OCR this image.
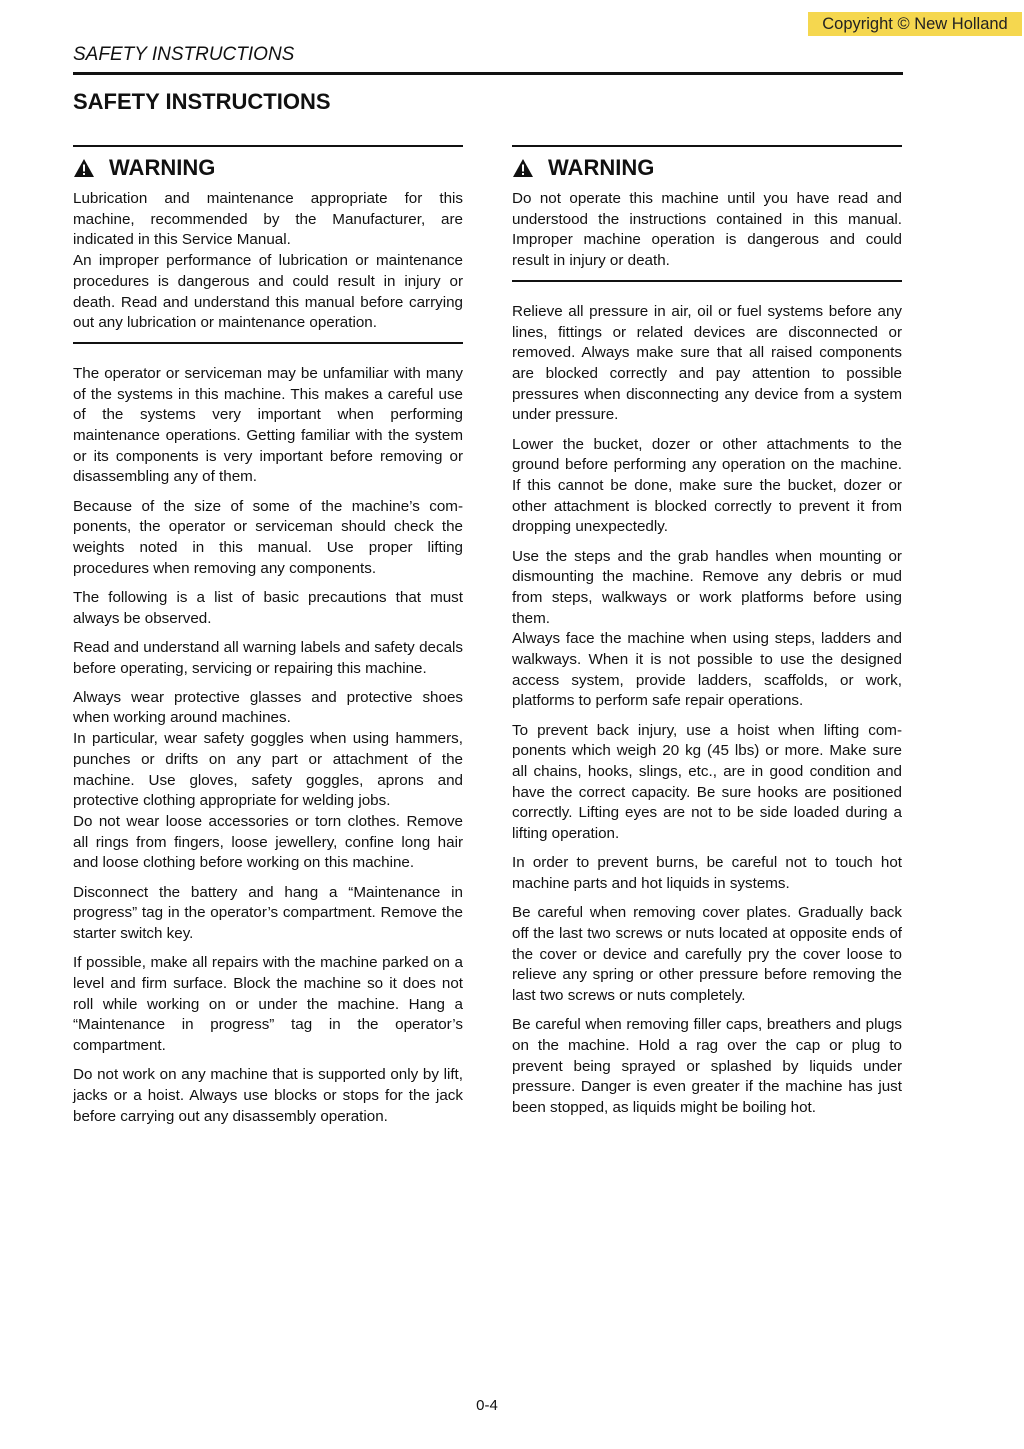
Copyright © New Holland
SAFETY INSTRUCTIONS
SAFETY INSTRUCTIONS
WARNING

Lubrication and maintenance appropriate for this machine, recommended by the Manufacturer, are indicated in this Service Manual.

An improper performance of lubrication or maintenance procedures is dangerous and could result in injury or death. Read and understand this manual before carrying out any lubrication or maintenance operation.

The operator or serviceman may be unfamiliar with many of the systems in this machine. This makes a careful use of the systems very important when performing maintenance operations. Getting familiar with the system or its components is very important before removing or disassembling any of them.

Because of the size of some of the machine’s components, the operator or serviceman should check the weights noted in this manual. Use proper lifting procedures when removing any components.

The following is a list of basic precautions that must always be observed.

Read and understand all warning labels and safety decals before operating, servicing or repairing this machine.

Always wear protective glasses and protective shoes when working around machines.

In particular, wear safety goggles when using hammers, punches or drifts on any part or attachment of the machine. Use gloves, safety goggles, aprons and protective clothing appropriate for welding jobs.

Do not wear loose accessories or torn clothes. Remove all rings from fingers, loose jewellery, confine long hair and loose clothing before working on this machine.

Disconnect the battery and hang a “Maintenance in progress” tag in the operator’s compartment. Remove the starter switch key.

If possible, make all repairs with the machine parked on a level and firm surface. Block the machine so it does not roll while working on or under the machine. Hang a “Maintenance in progress” tag in the operator’s compartment.

Do not work on any machine that is supported only by lift, jacks or a hoist. Always use blocks or stops for the jack before carrying out any disassembly operation.

WARNING

Do not operate this machine until you have read and understood the instructions contained in this manual. Improper machine operation is dangerous and could result in injury or death.

Relieve all pressure in air, oil or fuel systems before any lines, fittings or related devices are disconnected or removed. Always make sure that all raised components are blocked correctly and pay attention to possible pressures when disconnecting any device from a system under pressure.

Lower the bucket, dozer or other attachments to the ground before performing any operation on the machine. If this cannot be done, make sure the bucket, dozer or other attachment is blocked correctly to prevent it from dropping unexpectedly.

Use the steps and the grab handles when mounting or dismounting the machine. Remove any debris or mud from steps, walkways or work platforms before using them.

Always face the machine when using steps, ladders and walkways. When it is not possible to use the designed access system, provide ladders, scaffolds, or work, platforms to perform safe repair operations.

To prevent back injury, use a hoist when lifting components which weigh 20 kg (45 lbs) or more. Make sure all chains, hooks, slings, etc., are in good condition and have the correct capacity. Be sure hooks are positioned correctly. Lifting eyes are not to be side loaded during a lifting operation.

In order to prevent burns, be careful not to touch hot machine parts and hot liquids in systems.

Be careful when removing cover plates. Gradually back off the last two screws or nuts located at opposite ends of the cover or device and carefully pry the cover loose to relieve any spring or other pressure before removing the last two screws or nuts completely.

Be careful when removing filler caps, breathers and plugs on the machine. Hold a rag over the cap or plug to prevent being sprayed or splashed by liquids under pressure. Danger is even greater if the machine has just been stopped, as liquids might be boiling hot.

0-4
